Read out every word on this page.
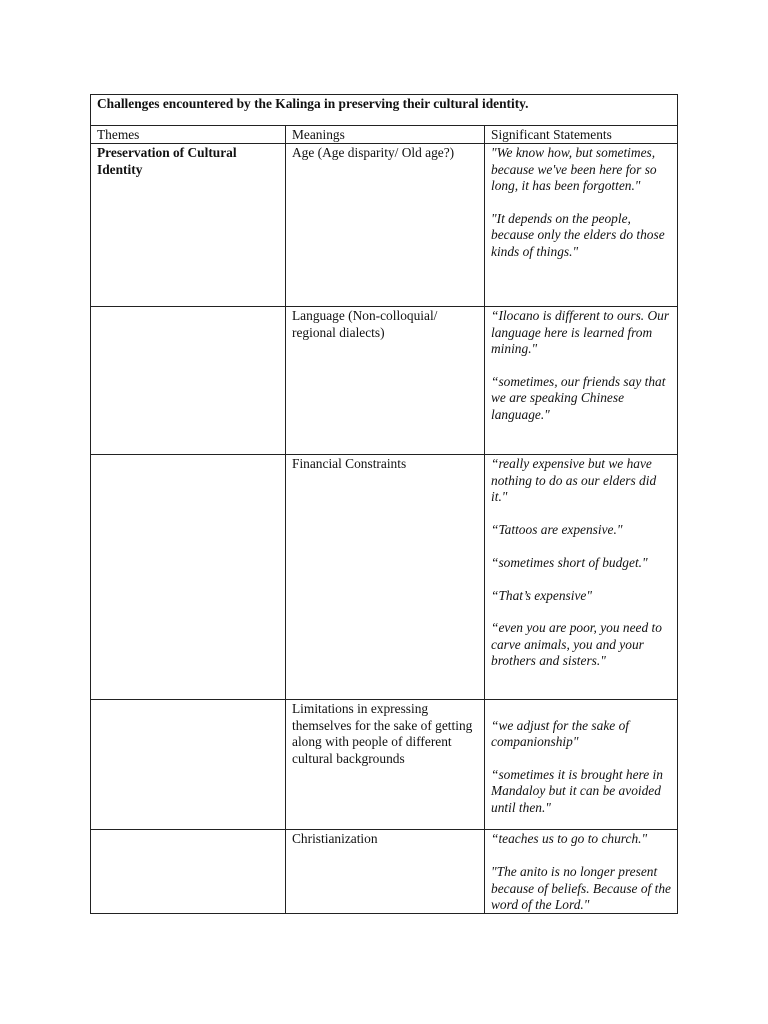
Challenges encountered by the Kalinga in preserving their cultural identity.		

Themes	Meanings	Significant Statements
Preservation of Cultural Identity	Age (Age disparity/ Old age?)	"We know how, but sometimes, because we've been here for so long, it has been forgotten."

"It depends on the people, because only the elders do those kinds of things."

	Language (Non-colloquial/ regional dialects)	“Ilocano is different to ours. Our language here is learned from mining."

“sometimes, our friends say that we are speaking Chinese language."

	Financial Constraints	“really expensive but we have nothing to do as our elders did it."

“Tattoos are expensive."

“sometimes short of budget."

“That’s expensive"

“even you are poor, you need to carve animals, you and your brothers and sisters."

	Limitations in expressing themselves for the sake of getting along with people of different cultural backgrounds	“we adjust for the sake of companionship"

“sometimes it is brought here in Mandaloy but it can be avoided until then."

	Christianization	“teaches us to go to church."

"The anito is no longer present because of beliefs. Because of the word of the Lord."
